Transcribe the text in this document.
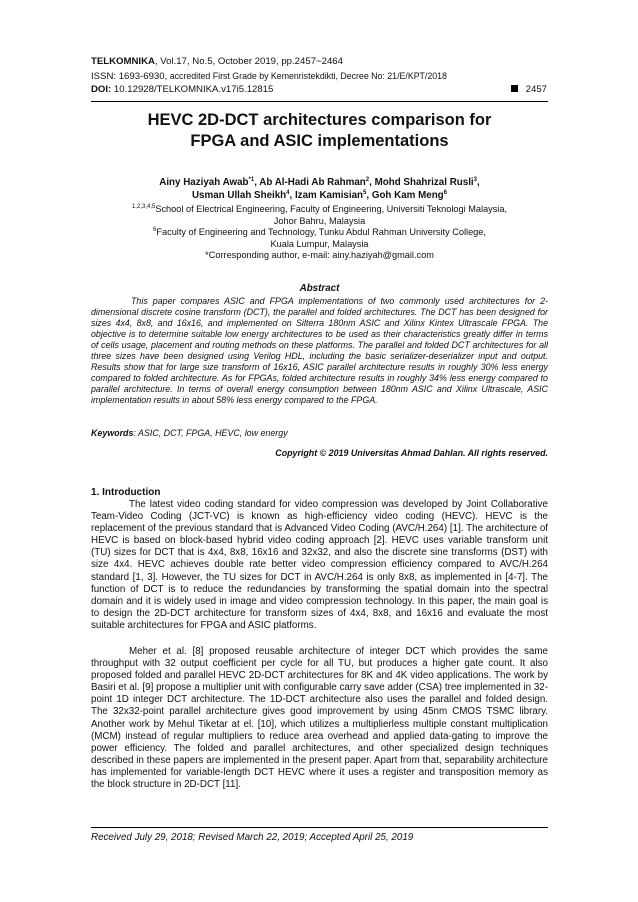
TELKOMNIKA, Vol.17, No.5, October 2019, pp.2457~2464
ISSN: 1693-6930, accredited First Grade by Kemenristekdikti, Decree No: 21/E/KPT/2018
DOI: 10.12928/TELKOMNIKA.v17i5.12815	2457
HEVC 2D-DCT architectures comparison for
FPGA and ASIC implementations
Ainy Haziyah Awab$^{*1}$, Ab Al-Hadi Ab Rahman$^2$, Mohd Shahrizal Rusli$^3$,
Usman Ullah Sheikh$^4$, Izam Kamisian$^5$, Goh Kam Meng$^6$
$^{1,2,3,4,5}$School of Electrical Engineering, Faculty of Engineering, Universiti Teknologi Malaysia,
Johor Bahru, Malaysia
$^6$Faculty of Engineering and Technology, Tunku Abdul Rahman University College,
Kuala Lumpur, Malaysia
*Corresponding author, e-mail: ainy.haziyah@gmail.com
Abstract
This paper compares ASIC and FPGA implementations of two commonly used architectures for 2-dimensional discrete cosine transform (DCT), the parallel and folded architectures. The DCT has been designed for sizes 4x4, 8x8, and 16x16, and implemented on Silterra 180nm ASIC and Xilinx Kintex Ultrascale FPGA. The objective is to determine suitable low energy architectures to be used as their characteristics greatly differ in terms of cells usage, placement and routing methods on these platforms. The parallel and folded DCT architectures for all three sizes have been designed using Verilog HDL, including the basic serializer-deserializer input and output. Results show that for large size transform of 16x16, ASIC parallel architecture results in roughly 30% less energy compared to folded architecture. As for FPGAs, folded architecture results in roughly 34% less energy compared to parallel architecture. In terms of overall energy consumption between 180nm ASIC and Xilinx Ultrascale, ASIC implementation results in about 58% less energy compared to the FPGA.
Keywords: ASIC, DCT, FPGA, HEVC, low energy
Copyright © 2019 Universitas Ahmad Dahlan. All rights reserved.
1. Introduction
The latest video coding standard for video compression was developed by Joint Collaborative Team-Video Coding (JCT-VC) is known as high-efficiency video coding (HEVC). HEVC is the replacement of the previous standard that is Advanced Video Coding (AVC/H.264) [1]. The architecture of HEVC is based on block-based hybrid video coding approach [2]. HEVC uses variable transform unit (TU) sizes for DCT that is 4x4, 8x8, 16x16 and 32x32, and also the discrete sine transforms (DST) with size 4x4. HEVC achieves double rate better video compression efficiency compared to AVC/H.264 standard [1, 3]. However, the TU sizes for DCT in AVC/H.264 is only 8x8, as implemented in [4-7]. The function of DCT is to reduce the redundancies by transforming the spatial domain into the spectral domain and it is widely used in image and video compression technology. In this paper, the main goal is to design the 2D-DCT architecture for transform sizes of 4x4, 8x8, and 16x16 and evaluate the most suitable architectures for FPGA and ASIC platforms.
Meher et al. [8] proposed reusable architecture of integer DCT which provides the same throughput with 32 output coefficient per cycle for all TU, but produces a higher gate count. It also proposed folded and parallel HEVC 2D-DCT architectures for 8K and 4K video applications. The work by Basiri et al. [9] propose a multiplier unit with configurable carry save adder (CSA) tree implemented in 32-point 1D integer DCT architecture. The 1D-DCT architecture also uses the parallel and folded design. The 32x32-point parallel architecture gives good improvement by using 45nm CMOS TSMC library. Another work by Mehul Tiketar at el. [10], which utilizes a multiplierless multiple constant multiplication (MCM) instead of regular multipliers to reduce area overhead and applied data-gating to improve the power efficiency. The folded and parallel architectures, and other specialized design techniques described in these papers are implemented in the present paper. Apart from that, separability architecture has implemented for variable-length DCT HEVC where it uses a register and transposition memory as the block structure in 2D-DCT [11].
Received July 29, 2018; Revised March 22, 2019; Accepted April 25, 2019
